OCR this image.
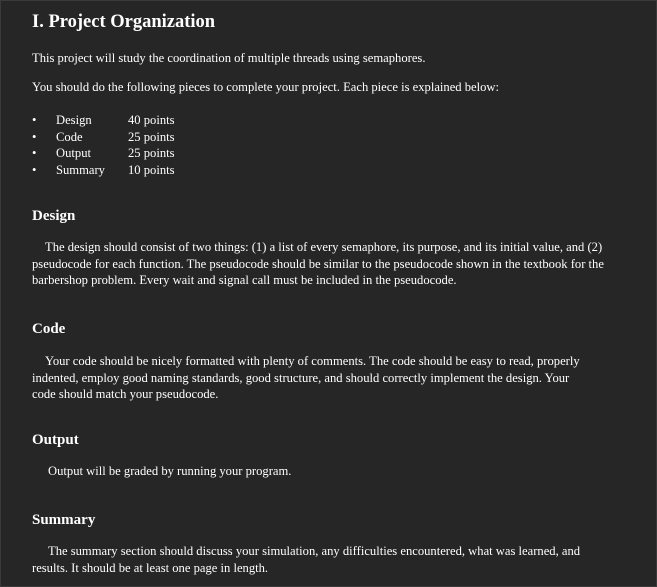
I. Project Organization

This project will study the coordination of multiple threads using semaphores.

You should do the following pieces to complete your project. Each piece is explained below:

• Design	40 points
• Code	25 points
• Output	25 points
• Summary 10 points
Design

The design should consist of two things: (1) a list of every semaphore, its purpose, and its initial value, and (2) pseudocode for each function. The pseudocode should be similar to the pseudocode shown in the textbook for the barbershop problem. Every wait and signal call must be included in the pseudocode.

Code

Your code should be nicely formatted with plenty of comments. The code should be easy to read, properly indented, employ good naming standards, good structure, and should correctly implement the design. Your code should match your pseudocode.

Output

Output will be graded by running your program.

Summary

The summary section should discuss your simulation, any difficulties encountered, what was learned, and results. It should be at least one page in length.
